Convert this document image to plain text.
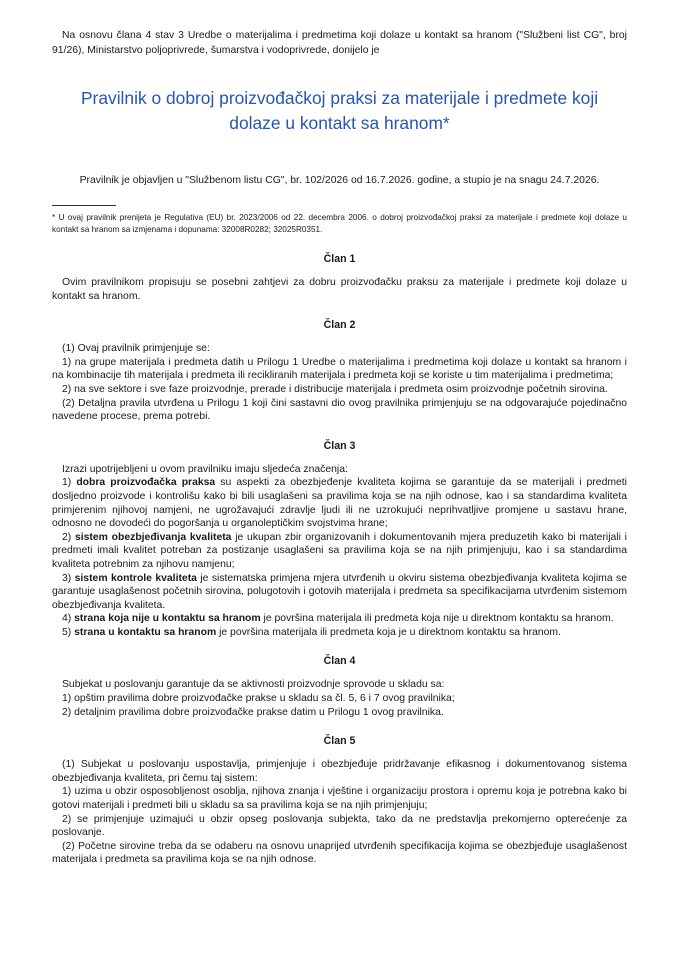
Na osnovu člana 4 stav 3 Uredbe o materijalima i predmetima koji dolaze u kontakt sa hranom ("Službeni list CG", broj 91/26), Ministarstvo poljoprivrede, šumarstva i vodoprivrede, donijelo je

Pravilnik o dobroj proizvođačkoj praksi za materijale i predmete koji dolaze u kontakt sa hranom*

Pravilnik je objavljen u "Službenom listu CG", br. 102/2026 od 16.7.2026. godine, a stupio je na snagu 24.7.2026.

* U ovaj pravilnik prenijeta je Regulativa (EU) br. 2023/2006 od 22. decembra 2006. o dobroj proizvođačkoj praksi za materijale i predmete koji dolaze u kontakt sa hranom sa izmjenama i dopunama: 32008R0282; 32025R0351.

Član 1

Ovim pravilnikom propisuju se posebni zahtjevi za dobru proizvođačku praksu za materijale i predmete koji dolaze u kontakt sa hranom.

Član 2

(1) Ovaj pravilnik primjenjuje se:

1) na grupe materijala i predmeta datih u Prilogu 1 Uredbe o materijalima i predmetima koji dolaze u kontakt sa hranom i na kombinacije tih materijala i predmeta ili recikliranih materijala i predmeta koji se koriste u tim materijalima i predmetima;

2) na sve sektore i sve faze proizvodnje, prerade i distribucije materijala i predmeta osim proizvodnje početnih sirovina.

(2) Detaljna pravila utvrđena u Prilogu 1 koji čini sastavni dio ovog pravilnika primjenjuju se na odgovarajuće pojedinačno navedene procese, prema potrebi.

Član 3

Izrazi upotrijebljeni u ovom pravilniku imaju sljedeća značenja:

1) dobra proizvođačka praksa su aspekti za obezbjeđenje kvaliteta kojima se garantuje da se materijali i predmeti dosljedno proizvode i kontrolišu kako bi bili usaglašeni sa pravilima koja se na njih odnose, kao i sa standardima kvaliteta primjerenim njihovoj namjeni, ne ugrožavajući zdravlje ljudi ili ne uzrokujući neprihvatljive promjene u sastavu hrane, odnosno ne dovodeći do pogoršanja u organoleptičkim svojstvima hrane;

2) sistem obezbjeđivanja kvaliteta je ukupan zbir organizovanih i dokumentovanih mjera preduzetih kako bi materijali i predmeti imali kvalitet potreban za postizanje usaglašeni sa pravilima koja se na njih primjenjuju, kao i sa standardima kvaliteta potrebnim za njihovu namjenu;

3) sistem kontrole kvaliteta je sistematska primjena mjera utvrđenih u okviru sistema obezbjeđivanja kvaliteta kojima se garantuje usaglašenost početnih sirovina, polugotovih i gotovih materijala i predmeta sa specifikacijama utvrđenim sistemom obezbjeđivanja kvaliteta.

4) strana koja nije u kontaktu sa hranom je površina materijala ili predmeta koja nije u direktnom kontaktu sa hranom.

5) strana u kontaktu sa hranom je površina materijala ili predmeta koja je u direktnom kontaktu sa hranom.

Član 4

Subjekat u poslovanju garantuje da se aktivnosti proizvodnje sprovode u skladu sa:

1) opštim pravilima dobre proizvođačke prakse u skladu sa čl. 5, 6 i 7 ovog pravilnika;

2) detaljnim pravilima dobre proizvođačke prakse datim u Prilogu 1 ovog pravilnika.

Član 5

(1) Subjekat u poslovanju uspostavlja, primjenjuje i obezbjeđuje pridržavanje efikasnog i dokumentovanog sistema obezbjeđivanja kvaliteta, pri čemu taj sistem:

1) uzima u obzir osposobljenost osoblja, njihova znanja i vještine i organizaciju prostora i opremu koja je potrebna kako bi gotovi materijali i predmeti bili u skladu sa sa pravilima koja se na njih primjenjuju;

2) se primjenjuje uzimajući u obzir opseg poslovanja subjekta, tako da ne predstavlja prekomjerno opterećenje za poslovanje.

(2) Početne sirovine treba da se odaberu na osnovu unaprijed utvrđenih specifikacija kojima se obezbjeđuje usaglašenost materijala i predmeta sa pravilima koja se na njih odnose.
